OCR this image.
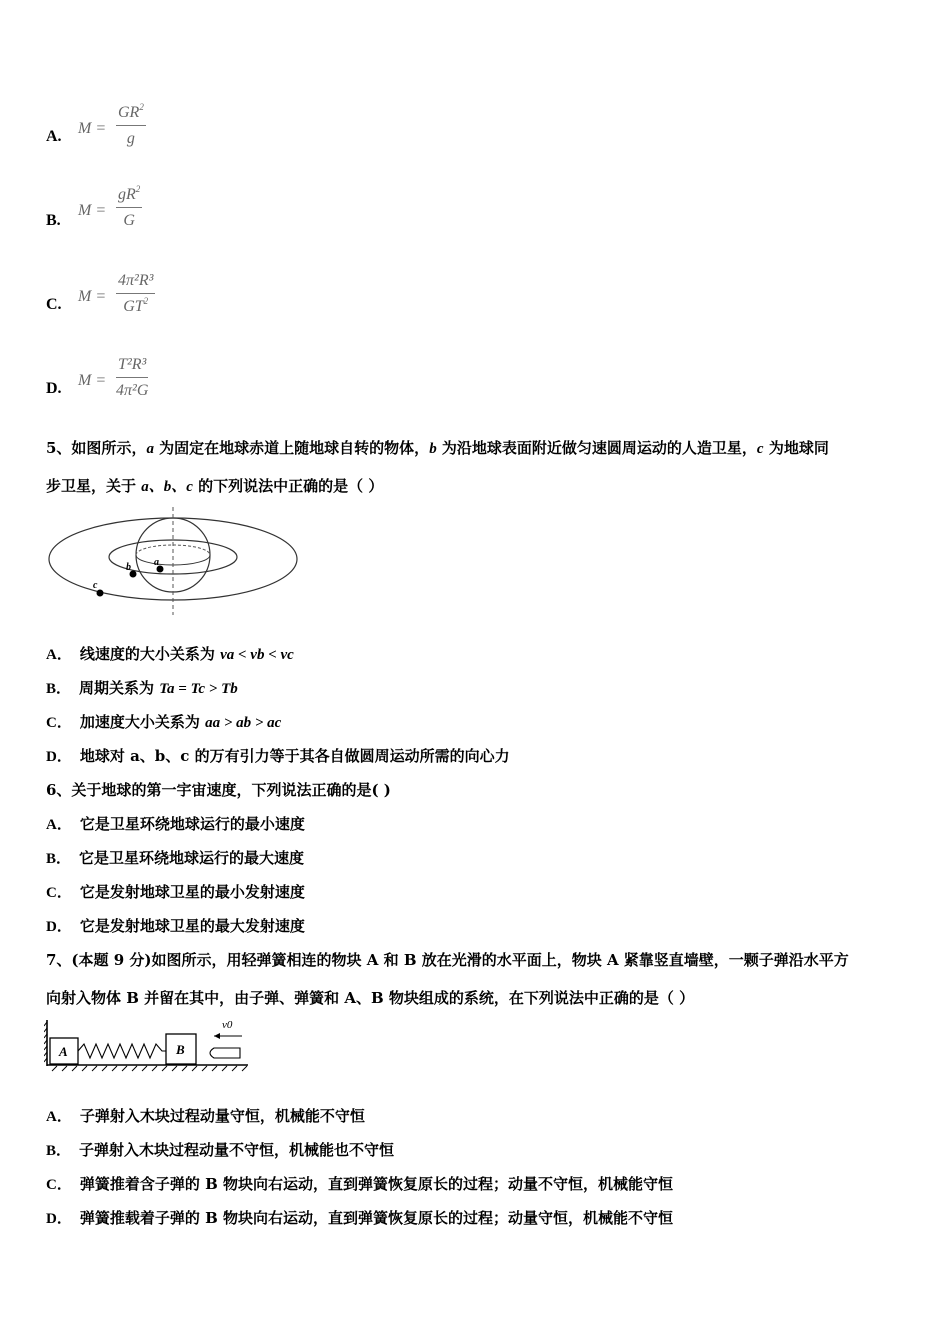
A. $M = \frac{GR^2}{g}$
B.
$M = \frac{gR^2}{G}$
C. $M = \frac{\text{4π²R³}}{GT^2}$
D. $M = \frac{\text{T²R³}}{\text{4π²G}}$
5、如图所示，a 为固定在地球赤道上随地球自转的物体，b 为沿地球表面附近做匀速圆周运动的人造卫星，c 为地球同
步卫星，关于 a、b、c 的下列说法中正确的是（ ）
a
b
c
A． 线速度的大小关系为 va < vb < vc
B． 周期关系为 Ta = Tc > Tb
C． 加速度大小关系为 aa > ab > ac
D． 地球对 a、b、c 的万有引力等于其各自做圆周运动所需的向心力
6、关于地球的第一宇宙速度，下列说法正确的是( )
A． 它是卫星环绕地球运行的最小速度
B． 它是卫星环绕地球运行的最大速度
C． 它是发射地球卫星的最小发射速度
D． 它是发射地球卫星的最大发射速度
7、(本题 9 分)如图所示，用轻弹簧相连的物块 A 和 B 放在光滑的水平面上，物块 A 紧靠竖直墙壁，一颗子弹沿水平方
向射入物体 B 并留在其中，由子弹、弹簧和 A、B 物块组成的系统，在下列说法中正确的是（ ）
A	B
v0
A． 子弹射入木块过程动量守恒，机械能不守恒
B． 子弹射入木块过程动量不守恒，机械能也不守恒
C． 弹簧推着含子弹的 B 物块向右运动，直到弹簧恢复原长的过程；动量不守恒，机械能守恒
D． 弹簧推载着子弹的 B 物块向右运动，直到弹簧恢复原长的过程；动量守恒，机械能不守恒
